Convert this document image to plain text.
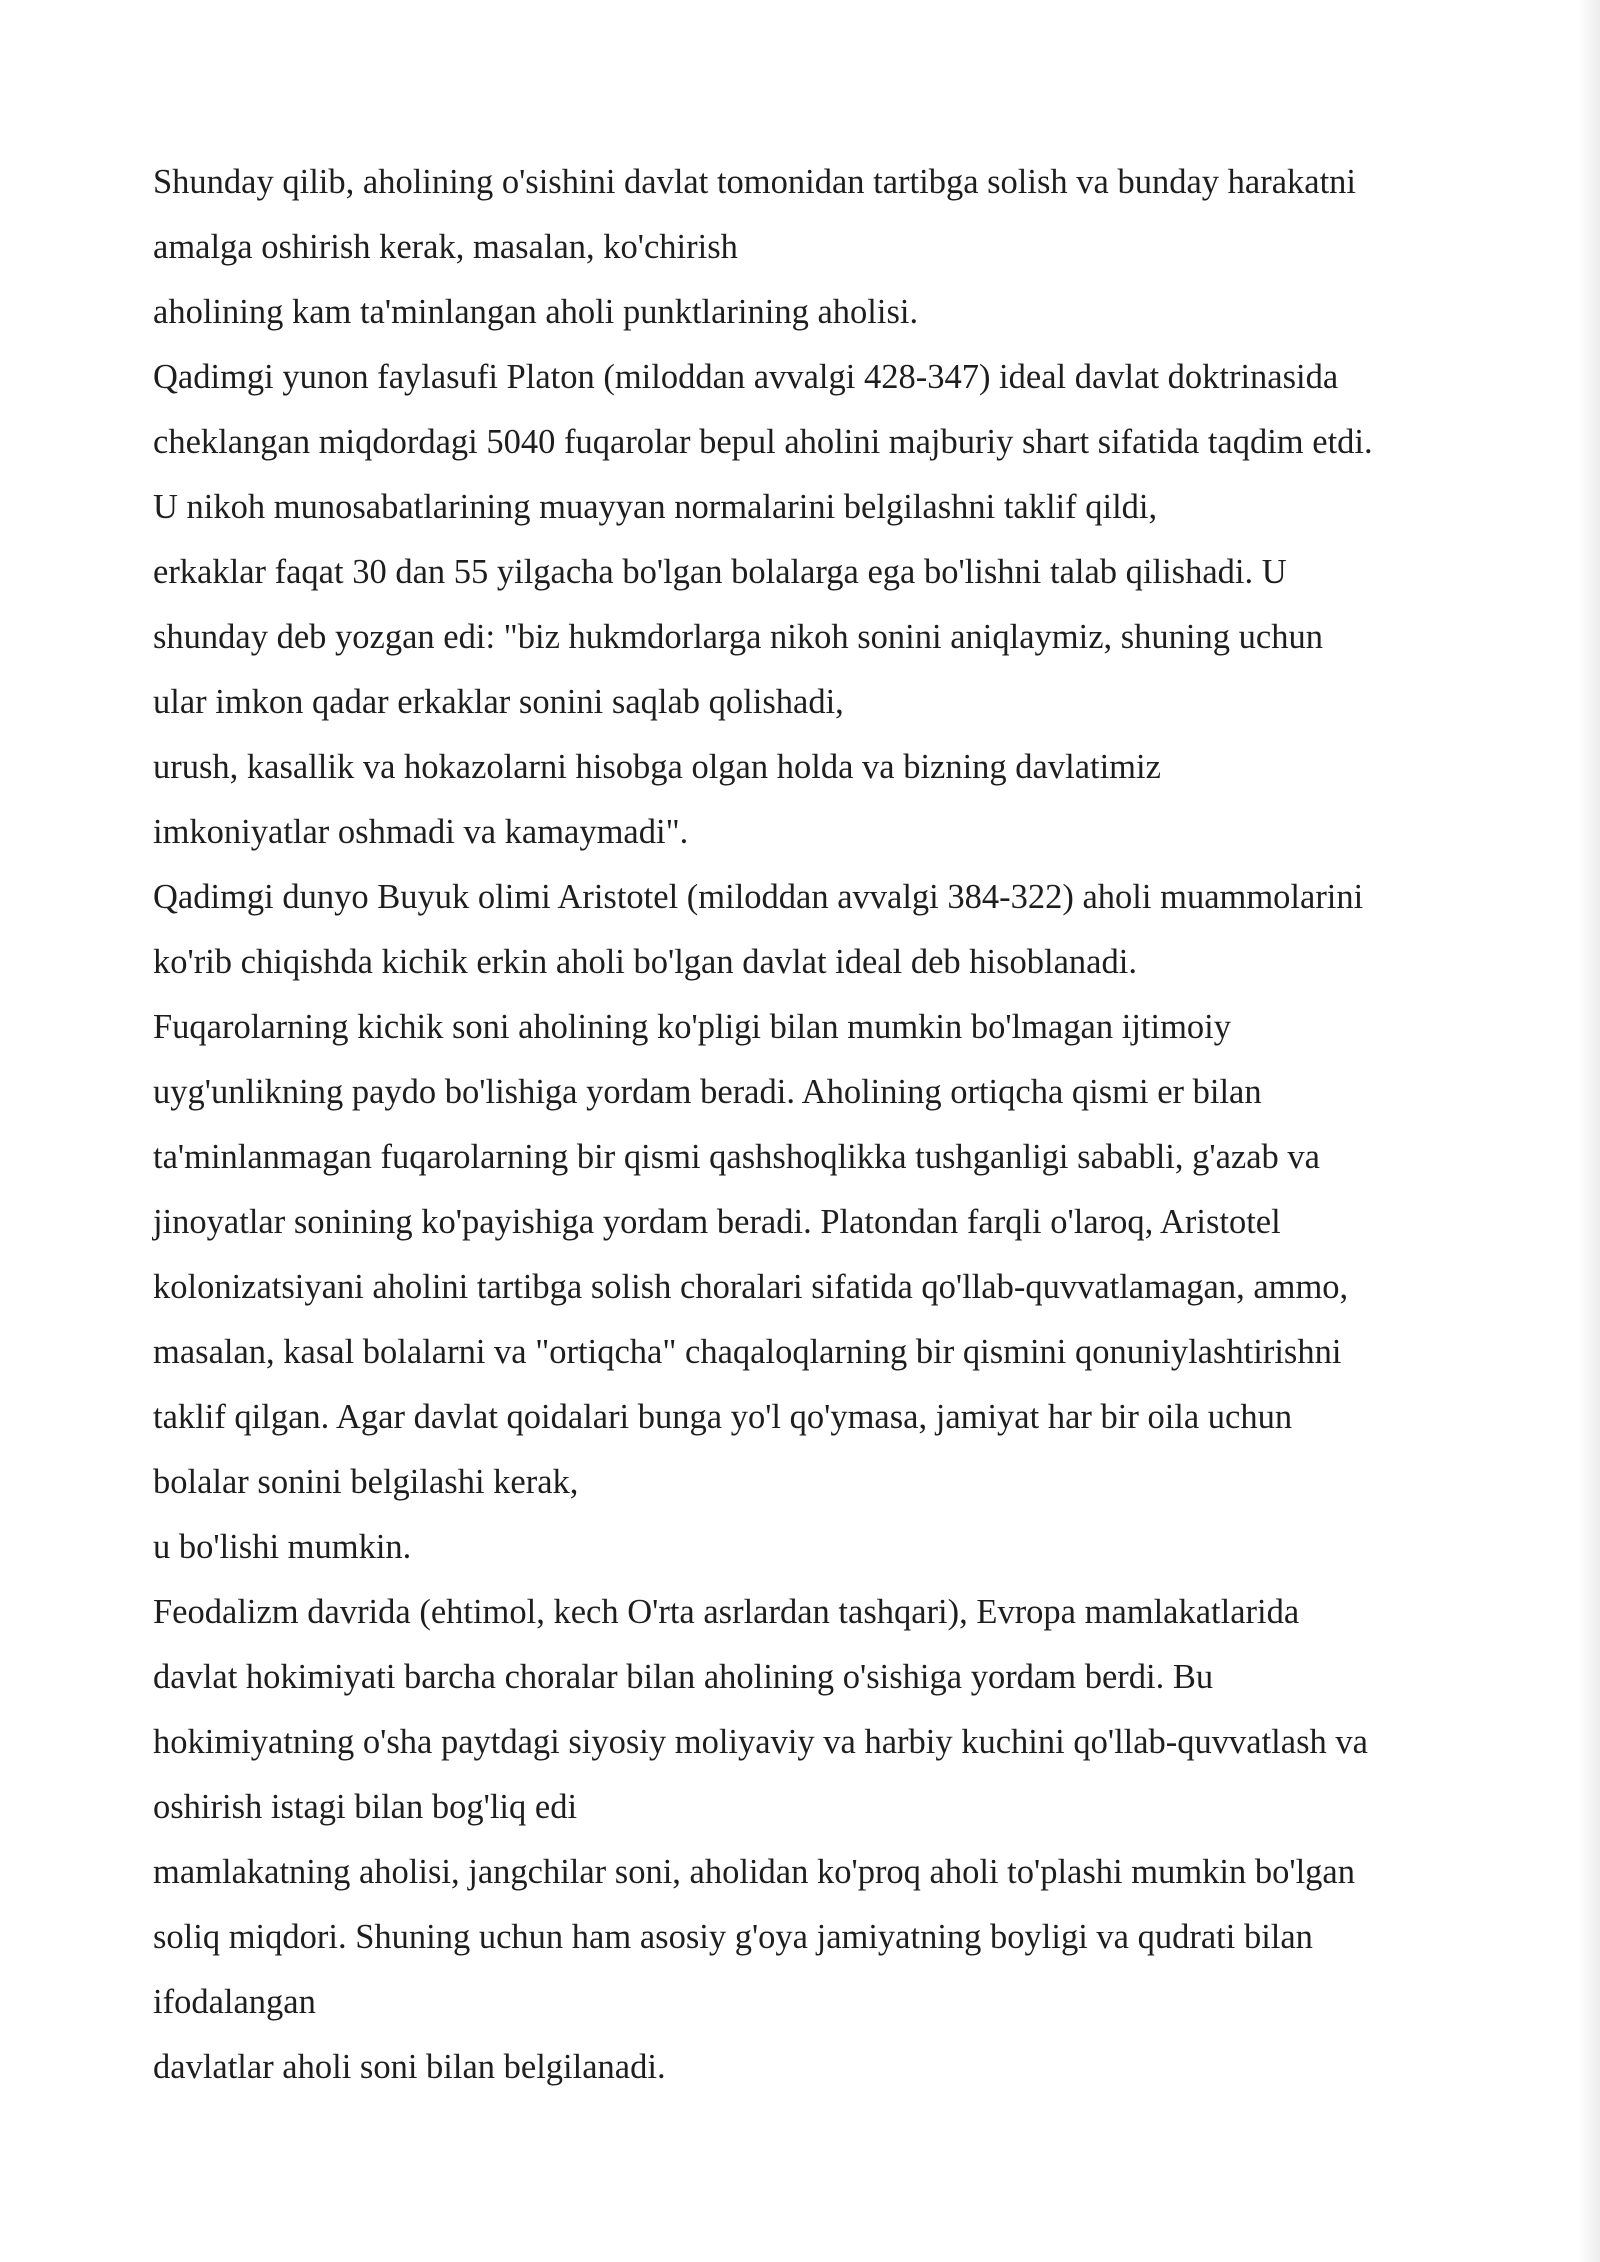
Shunday qilib, aholining o'sishini davlat tomonidan tartibga solish va bunday harakatni
amalga oshirish kerak, masalan, ko'chirish
aholining kam ta'minlangan aholi punktlarining aholisi.
Qadimgi yunon faylasufi Platon (miloddan avvalgi 428-347) ideal davlat doktrinasida
cheklangan miqdordagi 5040 fuqarolar bepul aholini majburiy shart sifatida taqdim etdi.
U nikoh munosabatlarining muayyan normalarini belgilashni taklif qildi,
erkaklar faqat 30 dan 55 yilgacha bo'lgan bolalarga ega bo'lishni talab qilishadi. U
shunday deb yozgan edi: "biz hukmdorlarga nikoh sonini aniqlaymiz, shuning uchun
ular imkon qadar erkaklar sonini saqlab qolishadi,
urush, kasallik va hokazolarni hisobga olgan holda va bizning davlatimiz
imkoniyatlar oshmadi va kamaymadi".
Qadimgi dunyo Buyuk olimi Aristotel (miloddan avvalgi 384-322) aholi muammolarini
ko'rib chiqishda kichik erkin aholi bo'lgan davlat ideal deb hisoblanadi.
Fuqarolarning kichik soni aholining ko'pligi bilan mumkin bo'lmagan ijtimoiy
uyg'unlikning paydo bo'lishiga yordam beradi. Aholining ortiqcha qismi er bilan
ta'minlanmagan fuqarolarning bir qismi qashshoqlikka tushganligi sababli, g'azab va
jinoyatlar sonining ko'payishiga yordam beradi. Platondan farqli o'laroq, Aristotel
kolonizatsiyani aholini tartibga solish choralari sifatida qo'llab-quvvatlamagan, ammo,
masalan, kasal bolalarni va "ortiqcha" chaqaloqlarning bir qismini qonuniylashtirishni
taklif qilgan. Agar davlat qoidalari bunga yo'l qo'ymasa, jamiyat har bir oila uchun
bolalar sonini belgilashi kerak,
u bo'lishi mumkin.
Feodalizm davrida (ehtimol, kech O'rta asrlardan tashqari), Evropa mamlakatlarida
davlat hokimiyati barcha choralar bilan aholining o'sishiga yordam berdi. Bu
hokimiyatning o'sha paytdagi siyosiy moliyaviy va harbiy kuchini qo'llab-quvvatlash va
oshirish istagi bilan bog'liq edi
mamlakatning aholisi, jangchilar soni, aholidan ko'proq aholi to'plashi mumkin bo'lgan
soliq miqdori. Shuning uchun ham asosiy g'oya jamiyatning boyligi va qudrati bilan
ifodalangan
davlatlar aholi soni bilan belgilanadi.
